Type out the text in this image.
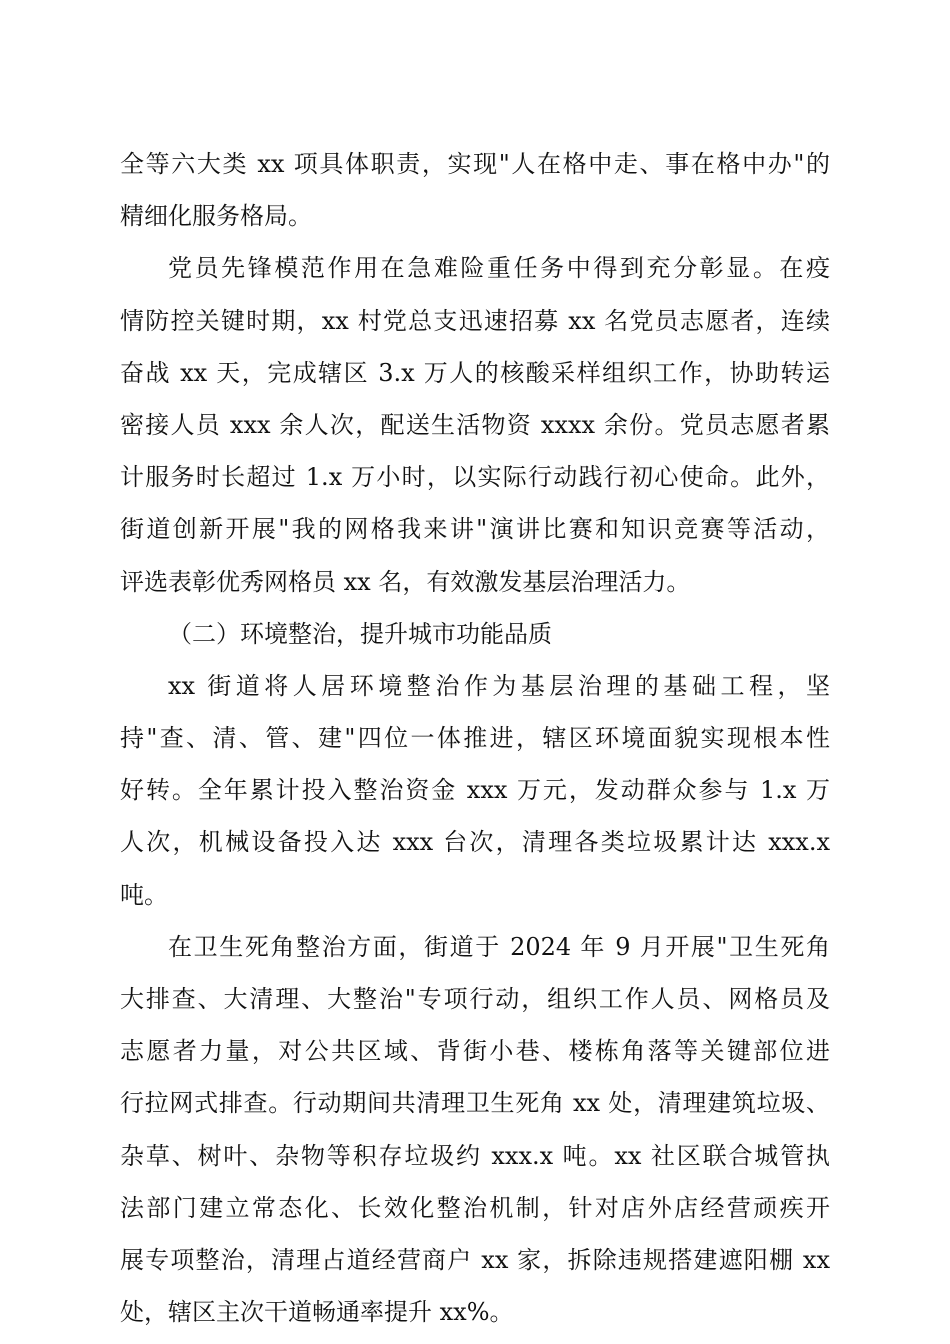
全等六大类 xx 项具体职责，实现"人在格中走、事在格中办"的
精细化服务格局。
党员先锋模范作用在急难险重任务中得到充分彰显。在疫
情防控关键时期，xx 村党总支迅速招募 xx 名党员志愿者，连续
奋战 xx 天，完成辖区 3.x 万人的核酸采样组织工作，协助转运
密接人员 xxx 余人次，配送生活物资 xxxx 余份。党员志愿者累
计服务时长超过 1.x 万小时，以实际行动践行初心使命。此外，
街道创新开展"我的网格我来讲"演讲比赛和知识竞赛等活动，
评选表彰优秀网格员 xx 名，有效激发基层治理活力。
（二）环境整治，提升城市功能品质
xx 街道将人居环境整治作为基层治理的基础工程，坚
持"查、清、管、建"四位一体推进，辖区环境面貌实现根本性
好转。全年累计投入整治资金 xxx 万元，发动群众参与 1.x 万
人次，机械设备投入达 xxx 台次，清理各类垃圾累计达 xxx.x
吨。
在卫生死角整治方面，街道于 2024 年 9 月开展"卫生死角
大排查、大清理、大整治"专项行动，组织工作人员、网格员及
志愿者力量，对公共区域、背街小巷、楼栋角落等关键部位进
行拉网式排查。行动期间共清理卫生死角 xx 处，清理建筑垃圾、
杂草、树叶、杂物等积存垃圾约 xxx.x 吨。xx 社区联合城管执
法部门建立常态化、长效化整治机制，针对店外店经营顽疾开
展专项整治，清理占道经营商户 xx 家，拆除违规搭建遮阳棚 xx
处，辖区主次干道畅通率提升 xx%。
